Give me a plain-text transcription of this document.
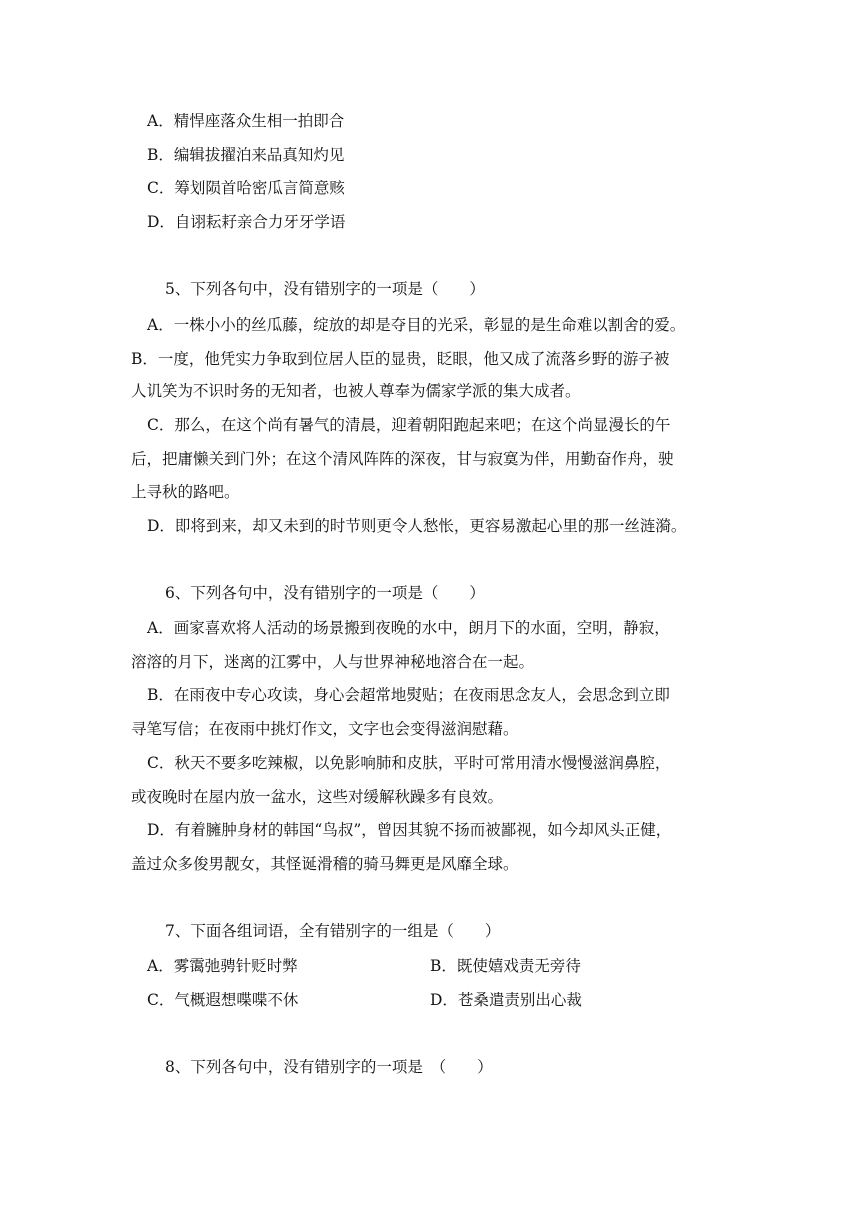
A．精悍座落众生相一拍即合
B．编辑拔擢泊来品真知灼见
C．筹划陨首哈密瓜言简意赅
D．自诩耘耔亲合力牙牙学语
5、下列各句中，没有错别字的一项是（　　）
A．一株小小的丝瓜藤，绽放的却是夺目的光采，彰显的是生命难以割舍的爱。
B．一度，他凭实力争取到位居人臣的显贵，眨眼，他又成了流落乡野的游子被
人讥笑为不识时务的无知者，也被人尊奉为儒家学派的集大成者。
C．那么，在这个尚有暑气的清晨，迎着朝阳跑起来吧；在这个尚显漫长的午
后，把庸懒关到门外；在这个清风阵阵的深夜，甘与寂寞为伴，用勤奋作舟，驶
上寻秋的路吧。
D．即将到来，却又未到的时节则更令人愁怅，更容易激起心里的那一丝涟漪。
6、下列各句中，没有错别字的一项是（　　）
A．画家喜欢将人活动的场景搬到夜晚的水中，朗月下的水面，空明，静寂，
溶溶的月下，迷离的江雾中，人与世界神秘地溶合在一起。
B．在雨夜中专心攻读，身心会超常地熨贴；在夜雨思念友人，会思念到立即
寻笔写信；在夜雨中挑灯作文，文字也会变得滋润慰藉。
C．秋天不要多吃辣椒，以免影响肺和皮肤，平时可常用清水慢慢滋润鼻腔，
或夜晚时在屋内放一盆水，这些对缓解秋躁多有良效。
D．有着臃肿身材的韩国“鸟叔”，曾因其貌不扬而被鄙视，如今却风头正健，
盖过众多俊男靓女，其怪诞滑稽的骑马舞更是风靡全球。
7、下面各组词语，全有错别字的一组是（　　）
A．雾霭弛骋针贬时弊	B．既使嬉戏责无旁待
C．气概遐想喋喋不休	D．苍桑遣责别出心裁
8、下列各句中，没有错别字的一项是　（　　）
